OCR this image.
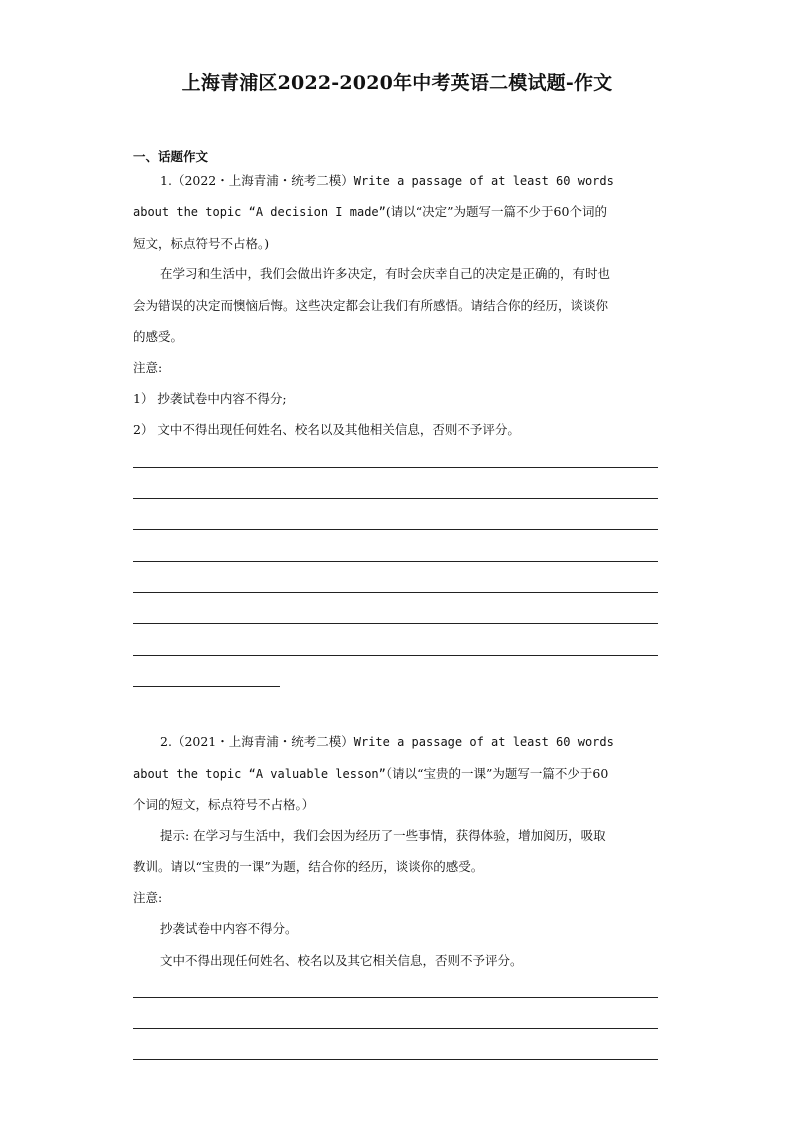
上海青浦区2022-2020年中考英语二模试题-作文
一、话题作文
1.（2022・上海青浦・统考二模）Write a passage of at least 60 words
about the topic “A decision I made”(请以“决定”为题写一篇不少于60个词的
短文，标点符号不占格。)
在学习和生活中，我们会做出许多决定，有时会庆幸自己的决定是正确的，有时也
会为错误的决定而懊恼后悔。这些决定都会让我们有所感悟。请结合你的经历，谈谈你
的感受。
注意:
1） 抄袭试卷中内容不得分;
2） 文中不得出现任何姓名、校名以及其他相关信息，否则不予评分。
2.（2021・上海青浦・统考二模）Write a passage of at least 60 words
about the topic “A valuable lesson”（请以“宝贵的一课”为题写一篇不少于60
个词的短文，标点符号不占格。）
提示: 在学习与生活中，我们会因为经历了一些事情，获得体验，增加阅历，吸取
教训。请以“宝贵的一课”为题，结合你的经历，谈谈你的感受。
注意:
抄袭试卷中内容不得分。
文中不得出现任何姓名、校名以及其它相关信息，否则不予评分。
